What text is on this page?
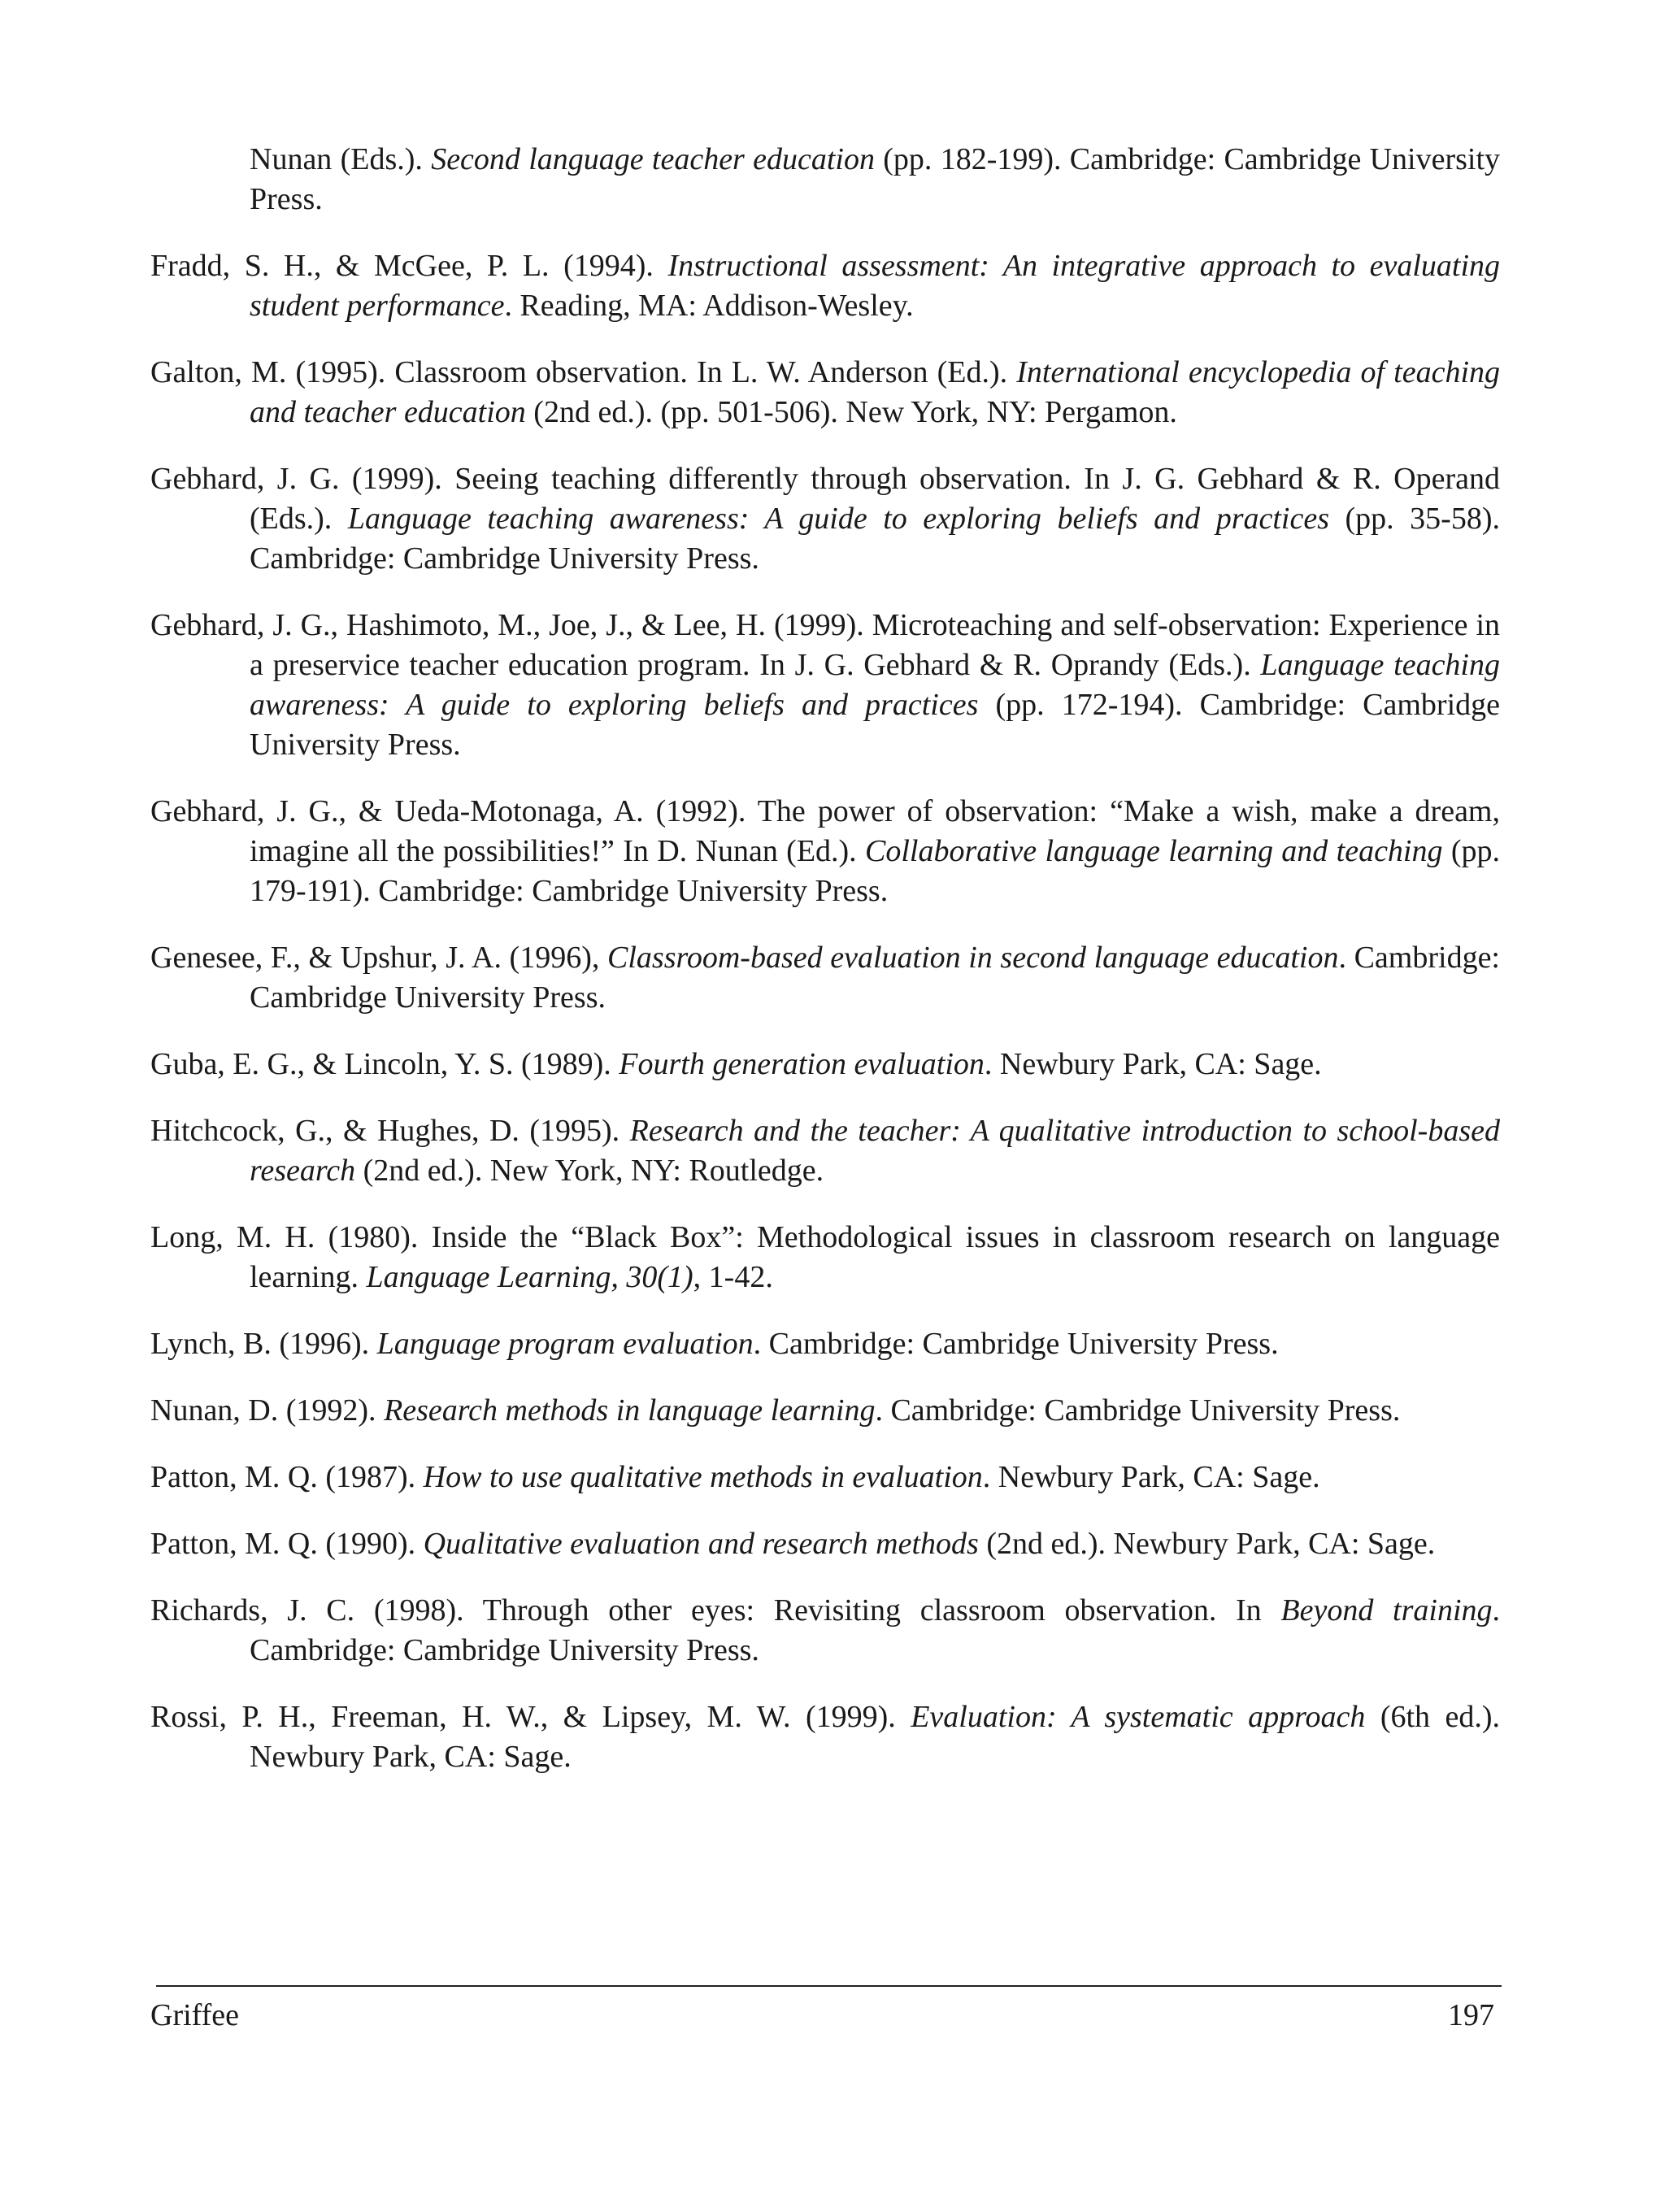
Nunan (Eds.). Second language teacher education (pp. 182-199). Cambridge: Cambridge University Press.

Fradd, S. H., & McGee, P. L. (1994). Instructional assessment: An integrative approach to evaluating student performance. Reading, MA: Addison-Wesley.

Galton, M. (1995). Classroom observation. In L. W. Anderson (Ed.). International encyclopedia of teaching and teacher education (2nd ed.). (pp. 501-506). New York, NY: Pergamon.

Gebhard, J. G. (1999). Seeing teaching differently through observation. In J. G. Gebhard & R. Operand (Eds.). Language teaching awareness: A guide to exploring beliefs and practices (pp. 35-58). Cambridge: Cambridge University Press.

Gebhard, J. G., Hashimoto, M., Joe, J., & Lee, H. (1999). Microteaching and self-observation: Experience in a preservice teacher education program. In J. G. Gebhard & R. Oprandy (Eds.). Language teaching awareness: A guide to exploring beliefs and practices (pp. 172-194). Cambridge: Cambridge University Press.

Gebhard, J. G., & Ueda-Motonaga, A. (1992). The power of observation: “Make a wish, make a dream, imagine all the possibilities!” In D. Nunan (Ed.). Collaborative language learning and teaching (pp. 179-191). Cambridge: Cambridge University Press.

Genesee, F., & Upshur, J. A. (1996), Classroom-based evaluation in second language education. Cambridge: Cambridge University Press.

Guba, E. G., & Lincoln, Y. S. (1989). Fourth generation evaluation. Newbury Park, CA: Sage.

Hitchcock, G., & Hughes, D. (1995). Research and the teacher: A qualitative introduction to school-based research (2nd ed.). New York, NY: Routledge.

Long, M. H. (1980). Inside the “Black Box”: Methodological issues in classroom research on language learning. Language Learning, 30(1), 1-42.

Lynch, B. (1996). Language program evaluation. Cambridge: Cambridge University Press.

Nunan, D. (1992). Research methods in language learning. Cambridge: Cambridge University Press.

Patton, M. Q. (1987). How to use qualitative methods in evaluation. Newbury Park, CA: Sage.

Patton, M. Q. (1990). Qualitative evaluation and research methods (2nd ed.). Newbury Park, CA: Sage.

Richards, J. C. (1998). Through other eyes: Revisiting classroom observation. In Beyond training. Cambridge: Cambridge University Press.

Rossi, P. H., Freeman, H. W., & Lipsey, M. W. (1999). Evaluation: A systematic approach (6th ed.). Newbury Park, CA: Sage.

Griffee	197
